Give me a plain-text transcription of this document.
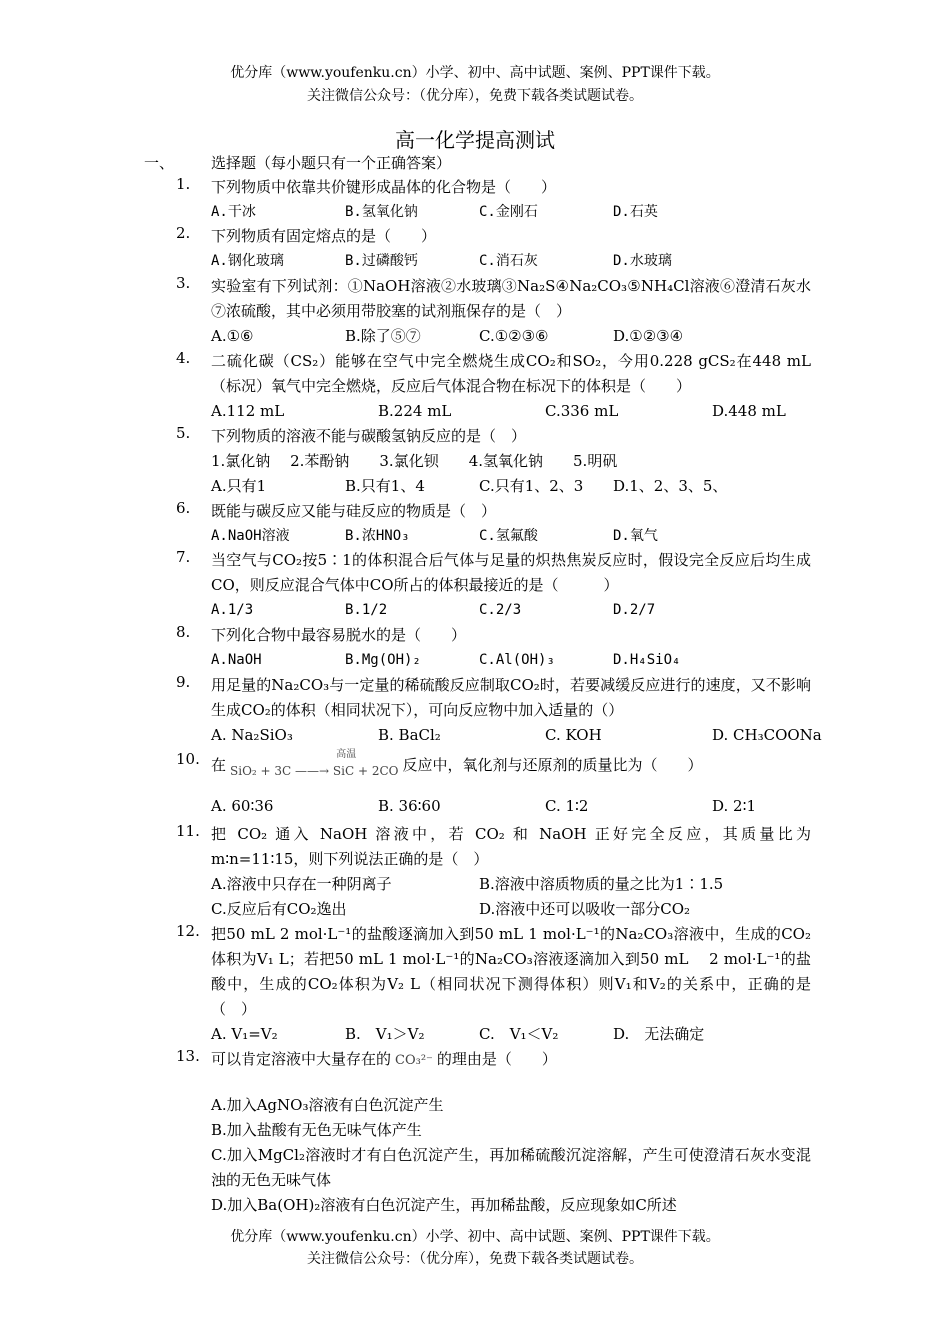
优分库（www.youfenku.cn）小学、初中、高中试题、案例、PPT课件下载。
关注微信公众号：（优分库），免费下载各类试题试卷。
高一化学提高测试
一、 选择题（每小题只有一个正确答案）
1.	下列物质中依靠共价键形成晶体的化合物是（　　）
A.干冰	B.氢氧化钠	C.金刚石	D.石英
2.	下列物质有固定熔点的是（　　）
A.钢化玻璃	B.过磷酸钙	C.消石灰	D.水玻璃
3.	实验室有下列试剂：①NaOH溶液②水玻璃③Na₂S④Na₂CO₃⑤NH₄Cl溶液⑥澄清石灰水⑦浓硫酸，其中必须用带胶塞的试剂瓶保存的是（　）
A.①⑥	B.除了⑤⑦	C.①②③⑥	D.①②③④
4.	二硫化碳（CS₂）能够在空气中完全燃烧生成CO₂和SO₂，今用0.228 gCS₂在448 mL（标况）氧气中完全燃烧，反应后气体混合物在标况下的体积是（　　）
A.112 mL	B.224 mL	C.336 mL	D.448 mL
5.	下列物质的溶液不能与碳酸氢钠反应的是（　）
1.氯化钠　 2.苯酚钠　　3.氯化钡　　4.氢氧化钠　　5.明矾
A.只有1	B.只有1、4	C.只有1、2、3	D.1、2、3、5、
6.	既能与碳反应又能与硅反应的物质是（　）
A.NaOH溶液	B.浓HNO₃	C.氢氟酸	D.氧气
7.	当空气与CO₂按5∶1的体积混合后气体与足量的炽热焦炭反应时，假设完全反应后均生成CO，则反应混合气体中CO所占的体积最接近的是（　　　）
A.1/3	B.1/2	C.2/3	D.2/7
8.	下列化合物中最容易脱水的是（　　）
A.NaOH	B.Mg(OH)₂	C.Al(OH)₃	D.H₄SiO₄
9.	用足量的Na₂CO₃与一定量的稀硫酸反应制取CO₂时，若要减缓反应进行的速度，又不影响生成CO₂的体积（相同状况下），可向反应物中加入适量的（）
A. Na₂SiO₃	B. BaCl₂	C. KOH	D. CH₃COONa
10. 在
高温
SiO₂ + 3C ——→ SiC + 2CO 反应中，氧化剂与还原剂的质量比为（　　）
A. 60∶36	B. 36∶60	C. 1∶2	D. 2∶1
11. 把 CO₂ 通入 NaOH 溶液中，若 CO₂ 和 NaOH 正好完全反应，其质量比为 m∶n=11∶15，则下列说法正确的是（　）
A.溶液中只存在一种阴离子	B.溶液中溶质物质的量之比为1∶1.5
C.反应后有CO₂逸出	D.溶液中还可以吸收一部分CO₂
12. 把50 mL 2 mol·L⁻¹的盐酸逐滴加入到50 mL 1 mol·L⁻¹的Na₂CO₃溶液中，生成的CO₂体积为V₁ L；若把50 mL 1 mol·L⁻¹的Na₂CO₃溶液逐滴加入到50 mL　 2 mol·L⁻¹的盐酸中，生成的CO₂体积为V₂ L（相同状况下测得体积）则V₁和V₂的关系中，正确的是　（　）
A. V₁=V₂	B.　V₁＞V₂	C.　V₁＜V₂	D.　无法确定
13. 可以肯定溶液中大量存在的 CO₃²⁻ 的理由是（　　）
A.加入AgNO₃溶液有白色沉淀产生
B.加入盐酸有无色无味气体产生
C.加入MgCl₂溶液时才有白色沉淀产生，再加稀硫酸沉淀溶解，产生可使澄清石灰水变混浊的无色无味气体
D.加入Ba(OH)₂溶液有白色沉淀产生，再加稀盐酸，反应现象如C所述
优分库（www.youfenku.cn）小学、初中、高中试题、案例、PPT课件下载。
关注微信公众号：（优分库），免费下载各类试题试卷。
